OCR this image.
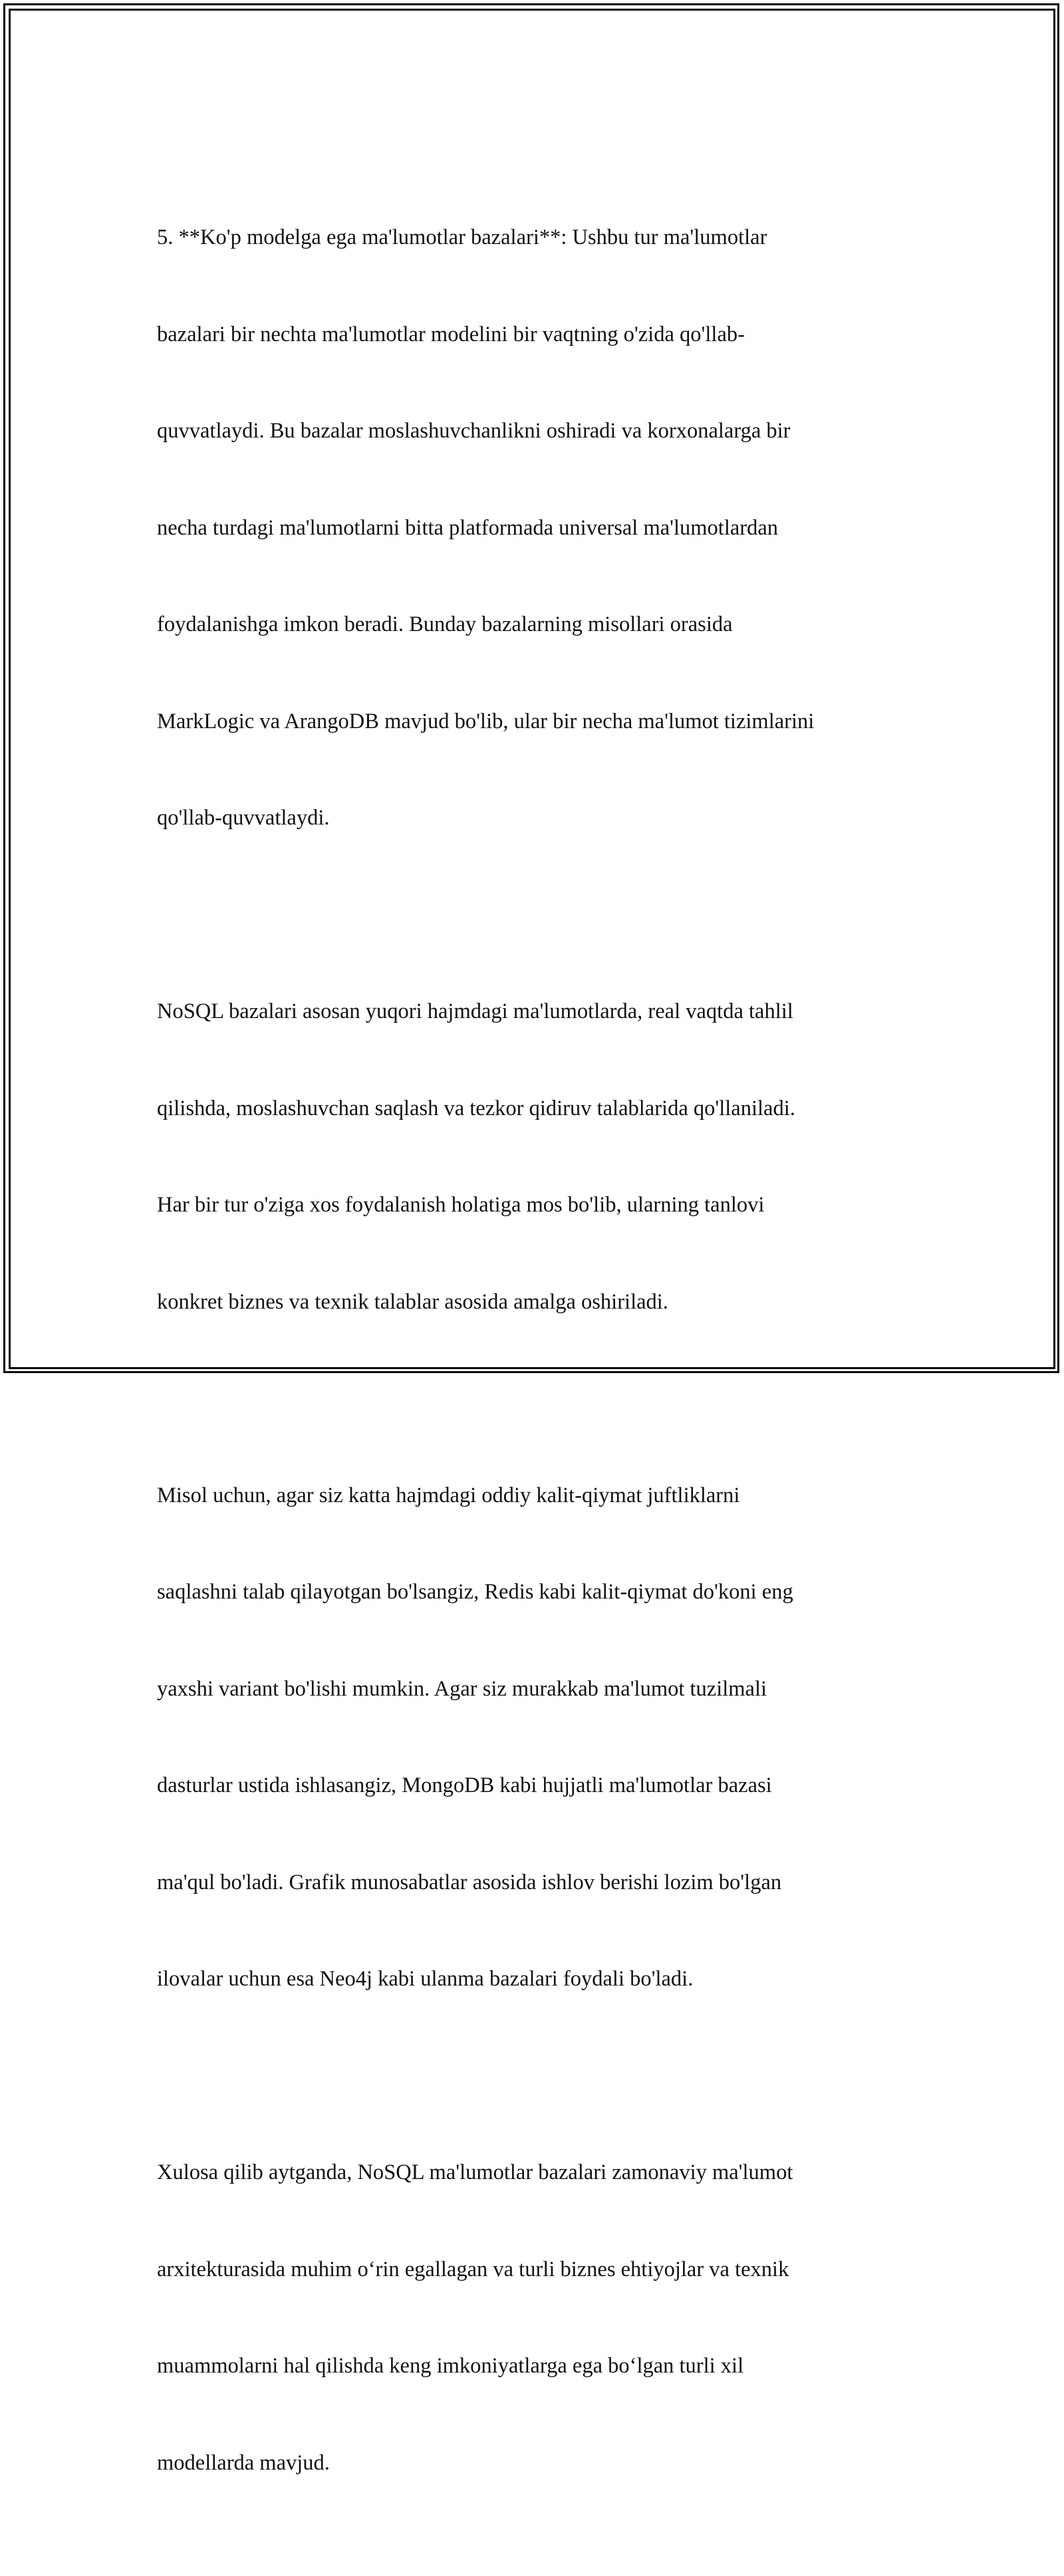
5. **Ko'p modelga ega ma'lumotlar bazalari**: Ushbu tur ma'lumotlar

bazalari bir nechta ma'lumotlar modelini bir vaqtning o'zida qo'llab-

quvvatlaydi. Bu bazalar moslashuvchanlikni oshiradi va korxonalarga bir

necha turdagi ma'lumotlarni bitta platformada universal ma'lumotlardan

foydalanishga imkon beradi. Bunday bazalarning misollari orasida

MarkLogic va ArangoDB mavjud bo'lib, ular bir necha ma'lumot tizimlarini

qo'llab-quvvatlaydi.

NoSQL bazalari asosan yuqori hajmdagi ma'lumotlarda, real vaqtda tahlil

qilishda, moslashuvchan saqlash va tezkor qidiruv talablarida qo'llaniladi.

Har bir tur o'ziga xos foydalanish holatiga mos bo'lib, ularning tanlovi

konkret biznes va texnik talablar asosida amalga oshiriladi.

Misol uchun, agar siz katta hajmdagi oddiy kalit-qiymat juftliklarni

saqlashni talab qilayotgan bo'lsangiz, Redis kabi kalit-qiymat do'koni eng

yaxshi variant bo'lishi mumkin. Agar siz murakkab ma'lumot tuzilmali

dasturlar ustida ishlasangiz, MongoDB kabi hujjatli ma'lumotlar bazasi

ma'qul bo'ladi. Grafik munosabatlar asosida ishlov berishi lozim bo'lgan

ilovalar uchun esa Neo4j kabi ulanma bazalari foydali bo'ladi.

Xulosa qilib aytganda, NoSQL ma'lumotlar bazalari zamonaviy ma'lumot

arxitekturasida muhim oʻrin egallagan va turli biznes ehtiyojlar va texnik

muammolarni hal qilishda keng imkoniyatlarga ega boʻlgan turli xil

modellarda mavjud.
